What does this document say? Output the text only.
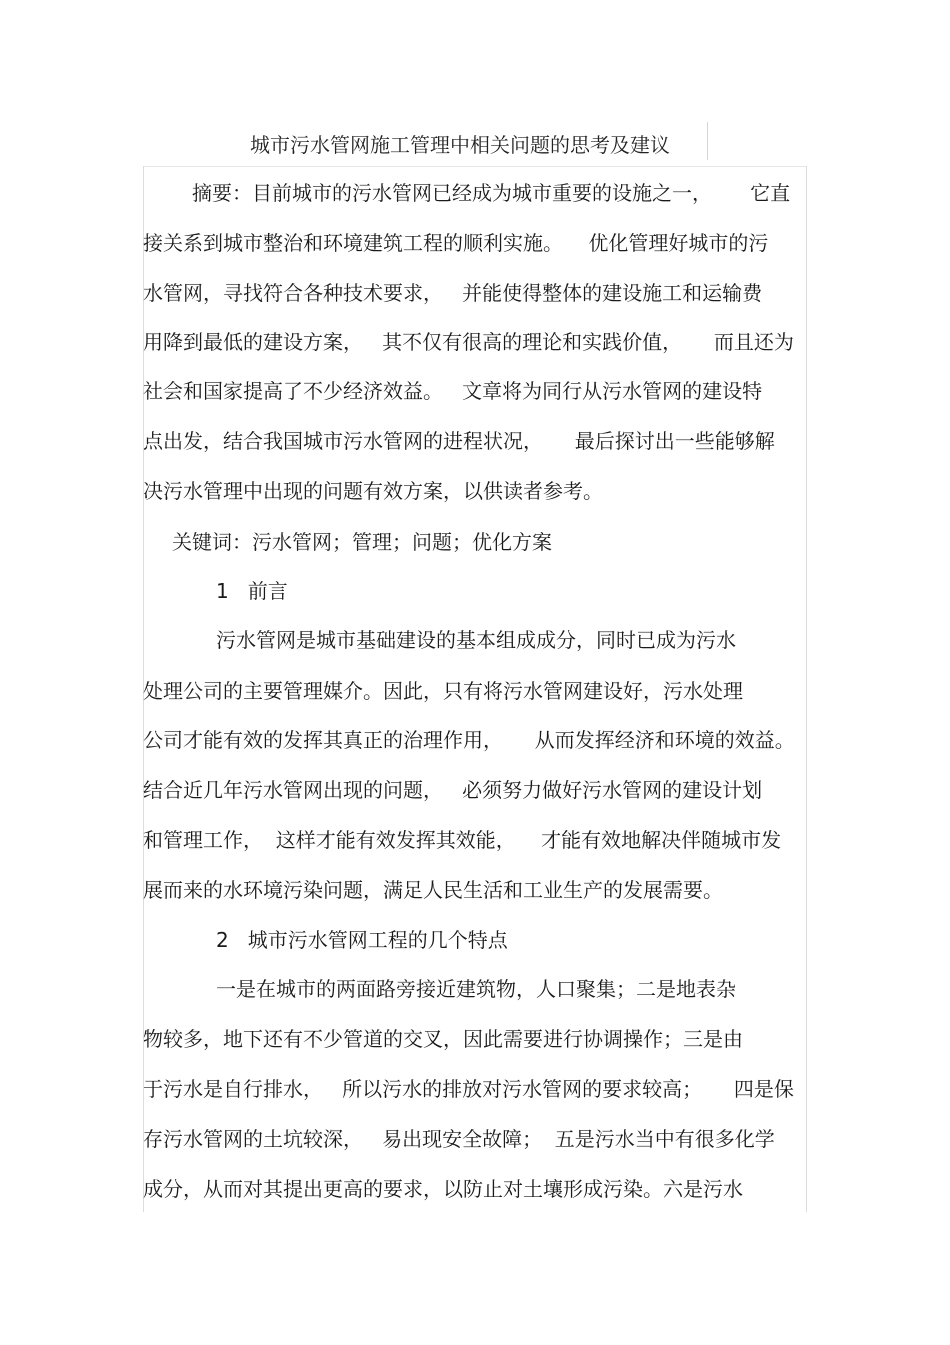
城市污水管网施工管理中相关问题的思考及建议
摘要：目前城市的污水管网已经成为城市重要的设施之一，      它直
接关系到城市整治和环境建筑工程的顺利实施。    优化管理好城市的污
水管网，寻找符合各种技术要求，   并能使得整体的建设施工和运输费
用降到最低的建设方案，   其不仅有很高的理论和实践价值，     而且还为
社会和国家提高了不少经济效益。   文章将为同行从污水管网的建设特
点出发，结合我国城市污水管网的进程状况，     最后探讨出一些能够解
决污水管理中出现的问题有效方案，以供读者参考。
关键词：污水管网；管理；问题；优化方案
1   前言
污水管网是城市基础建设的基本组成成分，同时已成为污水
处理公司的主要管理媒介。因此，只有将污水管网建设好，污水处理
公司才能有效的发挥其真正的治理作用，     从而发挥经济和环境的效益。
结合近几年污水管网出现的问题，   必须努力做好污水管网的建设计划
和管理工作，  这样才能有效发挥其效能，    才能有效地解决伴随城市发
展而来的水环境污染问题，满足人民生活和工业生产的发展需要。
2   城市污水管网工程的几个特点
一是在城市的两面路旁接近建筑物，人口聚集；二是地表杂
物较多，地下还有不少管道的交叉，因此需要进行协调操作；三是由
于污水是自行排水，   所以污水的排放对污水管网的要求较高；     四是保
存污水管网的土坑较深，   易出现安全故障；  五是污水当中有很多化学
成分，从而对其提出更高的要求，以防止对土壤形成污染。六是污水
